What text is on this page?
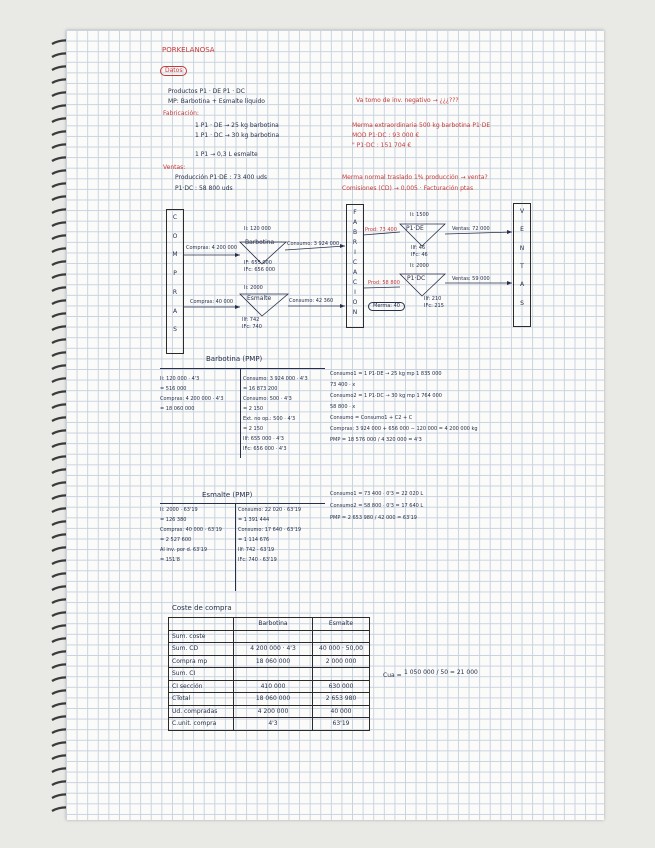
PORKELANOSA
Datos
Productos P1 · DE P1 · DC
MP: Barbotina + Esmalte líquido
Fabricación:
1 P1 · DE → 25 kg barbotina
1 P1 · DC → 30 kg barbotina
1 P1 → 0,3 L esmalte
Ventas:
Producción P1·DE : 73 400 uds
P1·DC : 58 800 uds
Va tomo de inv. negativo → ¿¿¿???
Merma extraordinaria 500 kg barbotina P1·DE
MOD P1·DC : 93 000 €
" P1·DC : 151 704 €
Merma normal traslado 1% producción → venta?
Comisiones (CD) → 0,005 · Facturación ptas
C
O
M
P
R
A
S
F
A
B
R
I
C
A
C
I
O
N
V
E
N
T
A
S
Barbotina
Ii: 120 000
Compras: 4 200 000
Consumo: 3 924 000
IF: 655 000
IFc: 656 000
Esmalte
Ii: 2000
Compras: 40 000	Consumo: 42 360
IIf: 742
IFc: 740
P1·DE
Ii: 1500
Prod: 73 400	Ventas: 72 000
IIf: 46
IFc: 46
P1·DC
Ii: 2000
Prod: 58 800
Ventas: 59 000
IIf: 210
IFc: 215
Merma: 40
Barbotina (PMP)
Ii: 120 000 · 4'3
= 516 000
Compras: 4 200 000 · 4'3
= 18 060 000
Consumo: 3 924 000 · 4'3
= 16 873 200
Consumo: 500 · 4'3
= 2 150
Ext. no op.: 500 · 4'3
= 2 150
IIf: 655 000 · 4'3
IFc: 656 000 · 4'3
Consumo1 = 1 P1·DE → 25 kg mp 1 835 000
73 400 · x
Consumo2 = 1 P1·DC → 30 kg mp 1 764 000
58 800 · x
Consumo = Consumo1 + C2 + C
Compras: 3 924 000 + 656 000 − 120 000 = 4 200 000 kg
PMP = 18 576 000 / 4 320 000 = 4'3
Esmalte (PMP)
Ii: 2000 · 63'19
= 126 380
Compras: 40 000 · 63'19
= 2 527 600
Al inv. por d. 63'19
= 151'8
Consumo: 22 020 · 63'19
= 1 391 444
Consumo: 17 640 · 63'19
= 1 114 676
IIf: 742 · 63'19
IFc: 740 · 63'19
Consumo1 = 73 400 · 0'3 = 22 020 L
Consumo2 = 58 800 · 0'3 = 17 640 L
PMP = 2 653 980 / 42 000 = 63'19
Coste de compra
	Barbotina	Esmalte
Sum. coste		
Sum. CD	4 200 000 · 4'3	40 000 · 50,00
Compra mp	18 060 000	2 000 000
Sum. CI		
CI sección	410 000	630 000
CTotal	18 060 000	2 653 980
Ud. compradas	4 200 000	40 000
C.unit. compra	4'3	63'19
Cua = 1 050 000 / 50 = 21 000
